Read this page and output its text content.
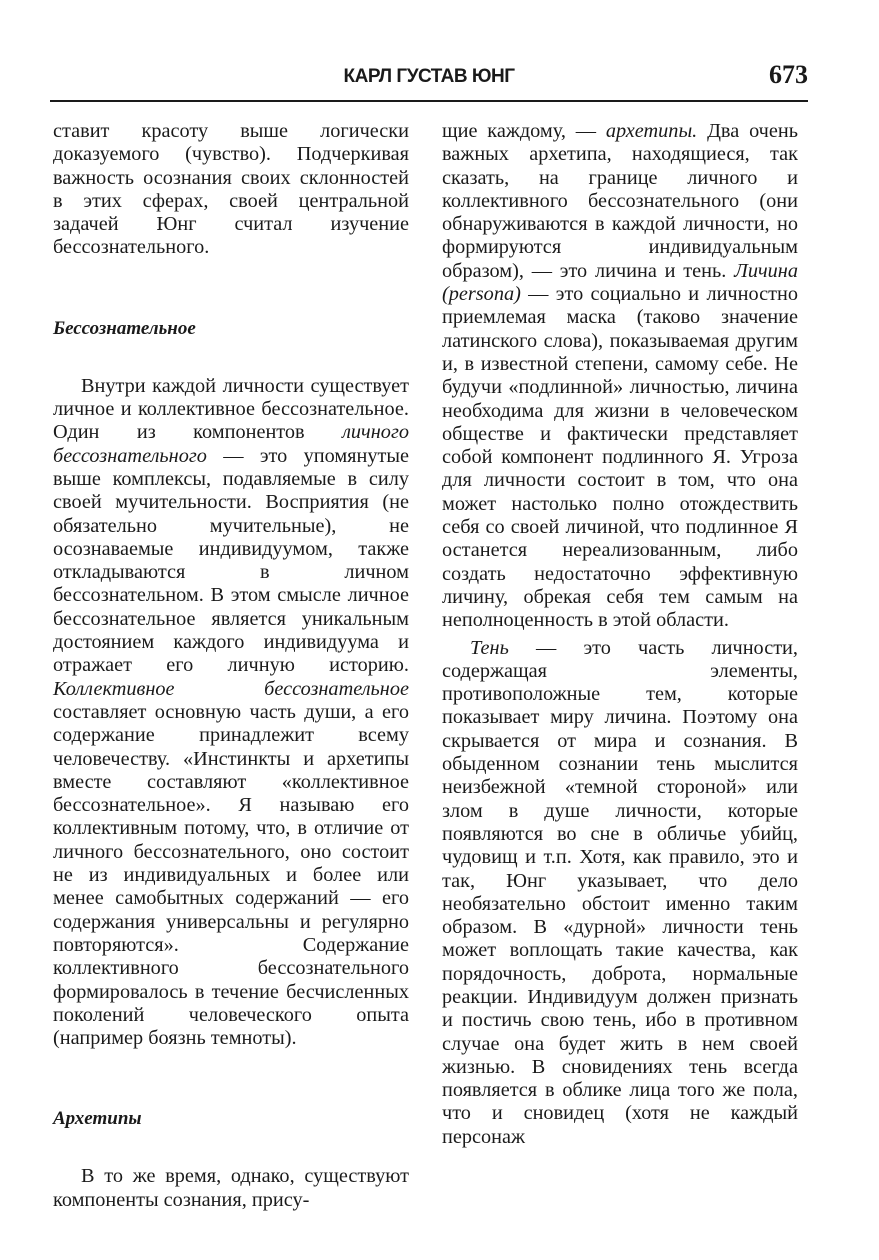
КАРЛ ГУСТАВ ЮНГ	673

ставит красоту выше логически доказуемого (чувство). Подчеркивая важность осознания своих склонностей в этих сферах, своей центральной задачей Юнг считал изучение бессознательного.

Бессознательное

Внутри каждой личности существует личное и коллективное бессознательное. Один из компонентов личного бессознательного — это упомянутые выше комплексы, подавляемые в силу своей мучительности. Восприятия (не обязательно мучительные), не осознаваемые индивидуумом, также откладываются в личном бессознательном. В этом смысле личное бессознательное является уникальным достоянием каждого индивидуума и отражает его личную историю. Коллективное бессознательное составляет основную часть души, а его содержание принадлежит всему человечеству. «Инстинкты и архетипы вместе составляют «коллективное бессознательное». Я называю его коллективным потому, что, в отличие от личного бессознательного, оно состоит не из индивидуальных и более или менее самобытных содержаний — его содержания универсальны и регулярно повторяются». Содержание коллективного бессознательного формировалось в течение бесчисленных поколений человеческого опыта (например боязнь темноты).

Архетипы

В то же время, однако, существуют компоненты сознания, прису-

щие каждому, — архетипы. Два очень важных архетипа, находящиеся, так сказать, на границе личного и коллективного бессознательного (они обнаруживаются в каждой личности, но формируются индивидуальным образом), — это личина и тень. Личина (persona) — это социально и личностно приемлемая маска (таково значение латинского слова), показываемая другим и, в известной степени, самому себе. Не будучи «подлинной» личностью, личина необходима для жизни в человеческом обществе и фактически представляет собой компонент подлинного Я. Угроза для личности состоит в том, что она может настолько полно отождествить себя со своей личиной, что подлинное Я останется нереализованным, либо создать недостаточно эффективную личину, обрекая себя тем самым на неполноценность в этой области.

Тень — это часть личности, содержащая элементы, противоположные тем, которые показывает миру личина. Поэтому она скрывается от мира и сознания. В обыденном сознании тень мыслится неизбежной «темной стороной» или злом в душе личности, которые появляются во сне в обличье убийц, чудовищ и т.п. Хотя, как правило, это и так, Юнг указывает, что дело необязательно обстоит именно таким образом. В «дурной» личности тень может воплощать такие качества, как порядочность, доброта, нормальные реакции. Индивидуум должен признать и постичь свою тень, ибо в противном случае она будет жить в нем своей жизнью. В сновидениях тень всегда появляется в облике лица того же пола, что и сновидец (хотя не каждый персонаж
